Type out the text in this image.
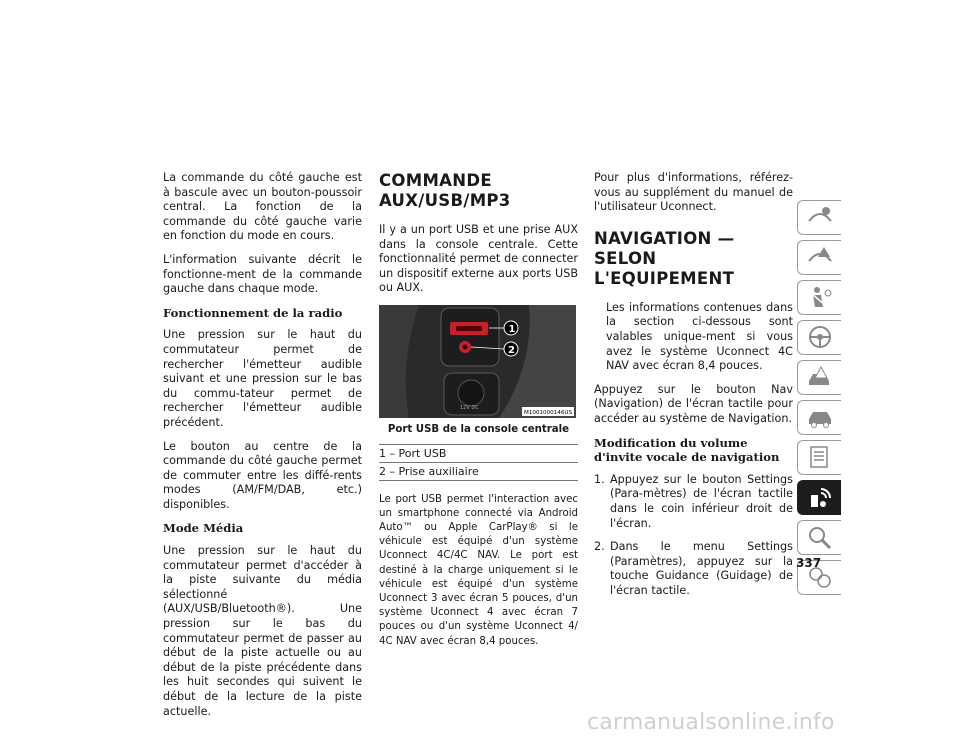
La commande du côté gauche est à bascule avec un bouton-poussoir central. La fonction de la commande du côté gauche varie en fonction du mode en cours.

L'information suivante décrit le fonctionne-ment de la commande gauche dans chaque mode.

Fonctionnement de la radio

Une pression sur le haut du commutateur permet de rechercher l'émetteur audible suivant et une pression sur le bas du commu-tateur permet de rechercher l'émetteur audible précédent.

Le bouton au centre de la commande du côté gauche permet de commuter entre les diffé-rents modes (AM/FM/DAB, etc.) disponibles.

Mode Média

Une pression sur le haut du commutateur permet d'accéder à la piste suivante du média sélectionné (AUX/USB/Bluetooth®). Une pression sur le bas du commutateur permet de passer au début de la piste actuelle ou au début de la piste précédente dans les huit secondes qui suivent le début de la lecture de la piste actuelle.

COMMANDE AUX/USB/MP3

Il y a un port USB et une prise AUX dans la console centrale. Cette fonctionnalité permet de connecter un dispositif externe aux ports USB ou AUX.

12V DC
1
2
M1001000146US
Port USB de la console centrale
1 – Port USB
2 – Prise auxiliaire

Le port USB permet l'interaction avec un smartphone connecté via Android Auto™ ou Apple CarPlay® si le véhicule est équipé d'un système Uconnect 4C/4C NAV. Le port est destiné à la charge uniquement si le véhicule est équipé d'un système Uconnect 3 avec écran 5 pouces, d'un système Uconnect 4 avec écran 7 pouces ou d'un système Uconnect 4/ 4C NAV avec écran 8,4 pouces.

Pour plus d'informations, référez-vous au supplément du manuel de l'utilisateur Uconnect.

NAVIGATION — SELON L'EQUIPEMENT
Les informations contenues dans la section ci-dessous sont valables unique-ment si vous avez le système Uconnect 4C NAV avec écran 8,4 pouces.

Appuyez sur le bouton Nav (Navigation) de l'écran tactile pour accéder au système de Navigation.

Modification du volume d'invite vocale de navigation
1. Appuyez sur le bouton Settings (Para-mètres) de l'écran tactile dans le coin inférieur droit de l'écran.
2. Dans le menu Settings (Paramètres), appuyez sur la touche Guidance (Guidage) de l'écran tactile.
337
carmanualsonline.info
